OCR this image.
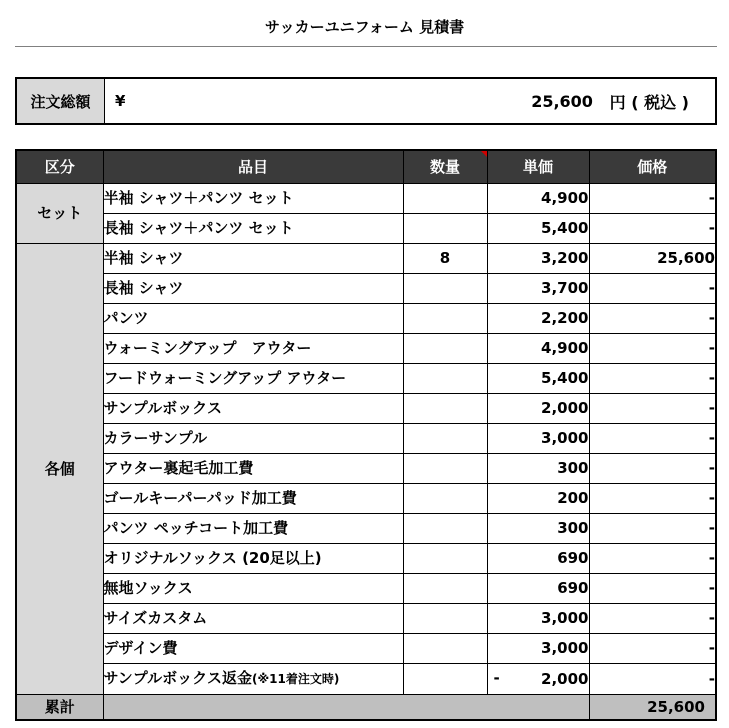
サッカーユニフォーム 見積書
注文総額	¥	25,600
円 ( 税込 )
区分	品目	数量	単価	価格
セット	半袖 シャツ＋パンツ セット		4,900	-
	長袖 シャツ＋パンツ セット		5,400	-
各個	半袖 シャツ	8	3,200	25,600
	長袖 シャツ		3,700	-
	パンツ		2,200	-
	ウォーミングアップ　アウター		4,900	-
	フードウォーミングアップ アウター		5,400	-
	サンプルボックス		2,000	-
	カラーサンプル		3,000	-
	アウター裏起毛加工費		300	-
	ゴールキーパーパッド加工費		200	-
	パンツ ペッチコート加工費		300	-
	オリジナルソックス (20足以上)		690	-
	無地ソックス		690	-
	サイズカスタム		3,000	-
	デザイン費		3,000	-
	サンプルボックス返金(※11着注文時)		- 2,000	-
累計				25,600
